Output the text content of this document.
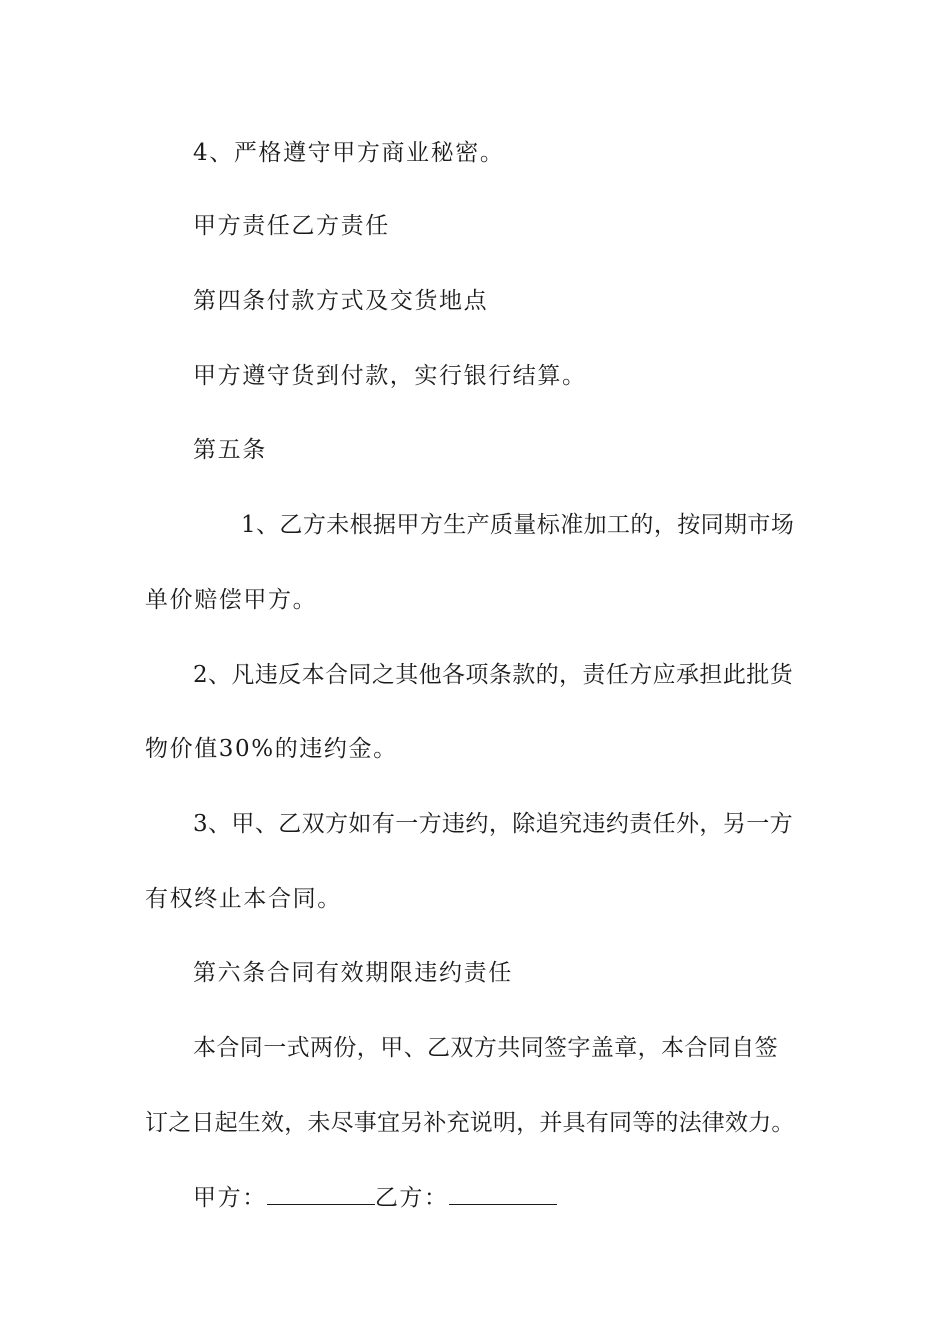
4、严格遵守甲方商业秘密。
甲方责任乙方责任
第四条付款方式及交货地点
甲方遵守货到付款，实行银行结算。
第五条
1、乙方未根据甲方生产质量标准加工的，按同期市场
单价赔偿甲方。
2、凡违反本合同之其他各项条款的，责任方应承担此批货
物价值30%的违约金。
3、甲、乙双方如有一方违约，除追究违约责任外，另一方
有权终止本合同。
第六条合同有效期限违约责任
本合同一式两份，甲、乙双方共同签字盖章，本合同自签
订之日起生效，未尽事宜另补充说明，并具有同等的法律效力。
甲方：	乙方：
